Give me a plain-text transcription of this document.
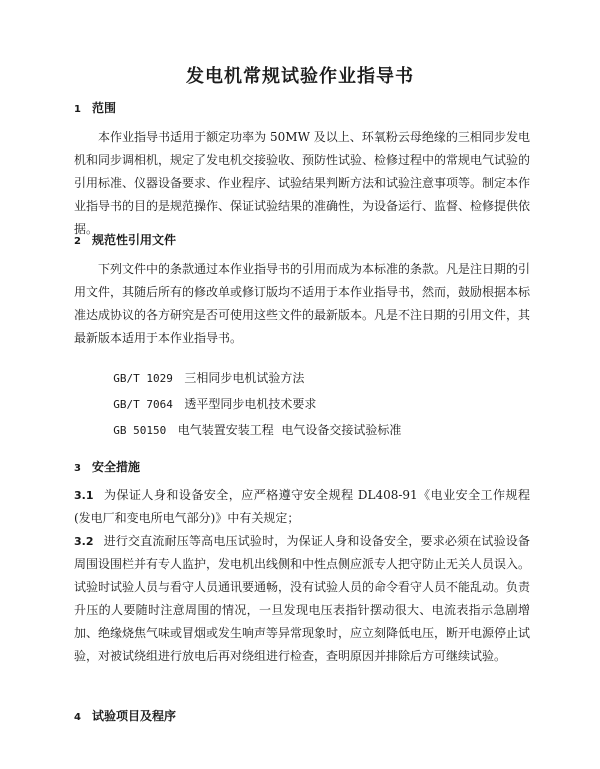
发电机常规试验作业指导书
1 范围
本作业指导书适用于额定功率为 50MW 及以上、环氧粉云母绝缘的三相同步发电机和同步调相机，规定了发电机交接验收、预防性试验、检修过程中的常规电气试验的引用标准、仪器设备要求、作业程序、试验结果判断方法和试验注意事项等。制定本作业指导书的目的是规范操作、保证试验结果的准确性，为设备运行、监督、检修提供依据。
2 规范性引用文件
下列文件中的条款通过本作业指导书的引用而成为本标准的条款。凡是注日期的引用文件，其随后所有的修改单或修订版均不适用于本作业指导书，然而，鼓励根据本标准达成协议的各方研究是否可使用这些文件的最新版本。凡是不注日期的引用文件，其最新版本适用于本作业指导书。

GB/T 1029 三相同步电机试验方法

GB/T 7064 透平型同步电机技术要求

GB 50150 电气装置安装工程  电气设备交接试验标准

3 安全措施
3.1 为保证人身和设备安全，应严格遵守安全规程 DL408-91《电业安全工作规程(发电厂和变电所电气部分)》中有关规定；
3.2 进行交直流耐压等高电压试验时，为保证人身和设备安全，要求必须在试验设备周围设围栏并有专人监护，发电机出线侧和中性点侧应派专人把守防止无关人员误入。试验时试验人员与看守人员通讯要通畅，没有试验人员的命令看守人员不能乱动。负责升压的人要随时注意周围的情况，一旦发现电压表指针摆动很大、电流表指示急剧增加、绝缘烧焦气味或冒烟或发生响声等异常现象时，应立刻降低电压，断开电源停止试验，对被试绕组进行放电后再对绕组进行检查，查明原因并排除后方可继续试验。
4 试验项目及程序
